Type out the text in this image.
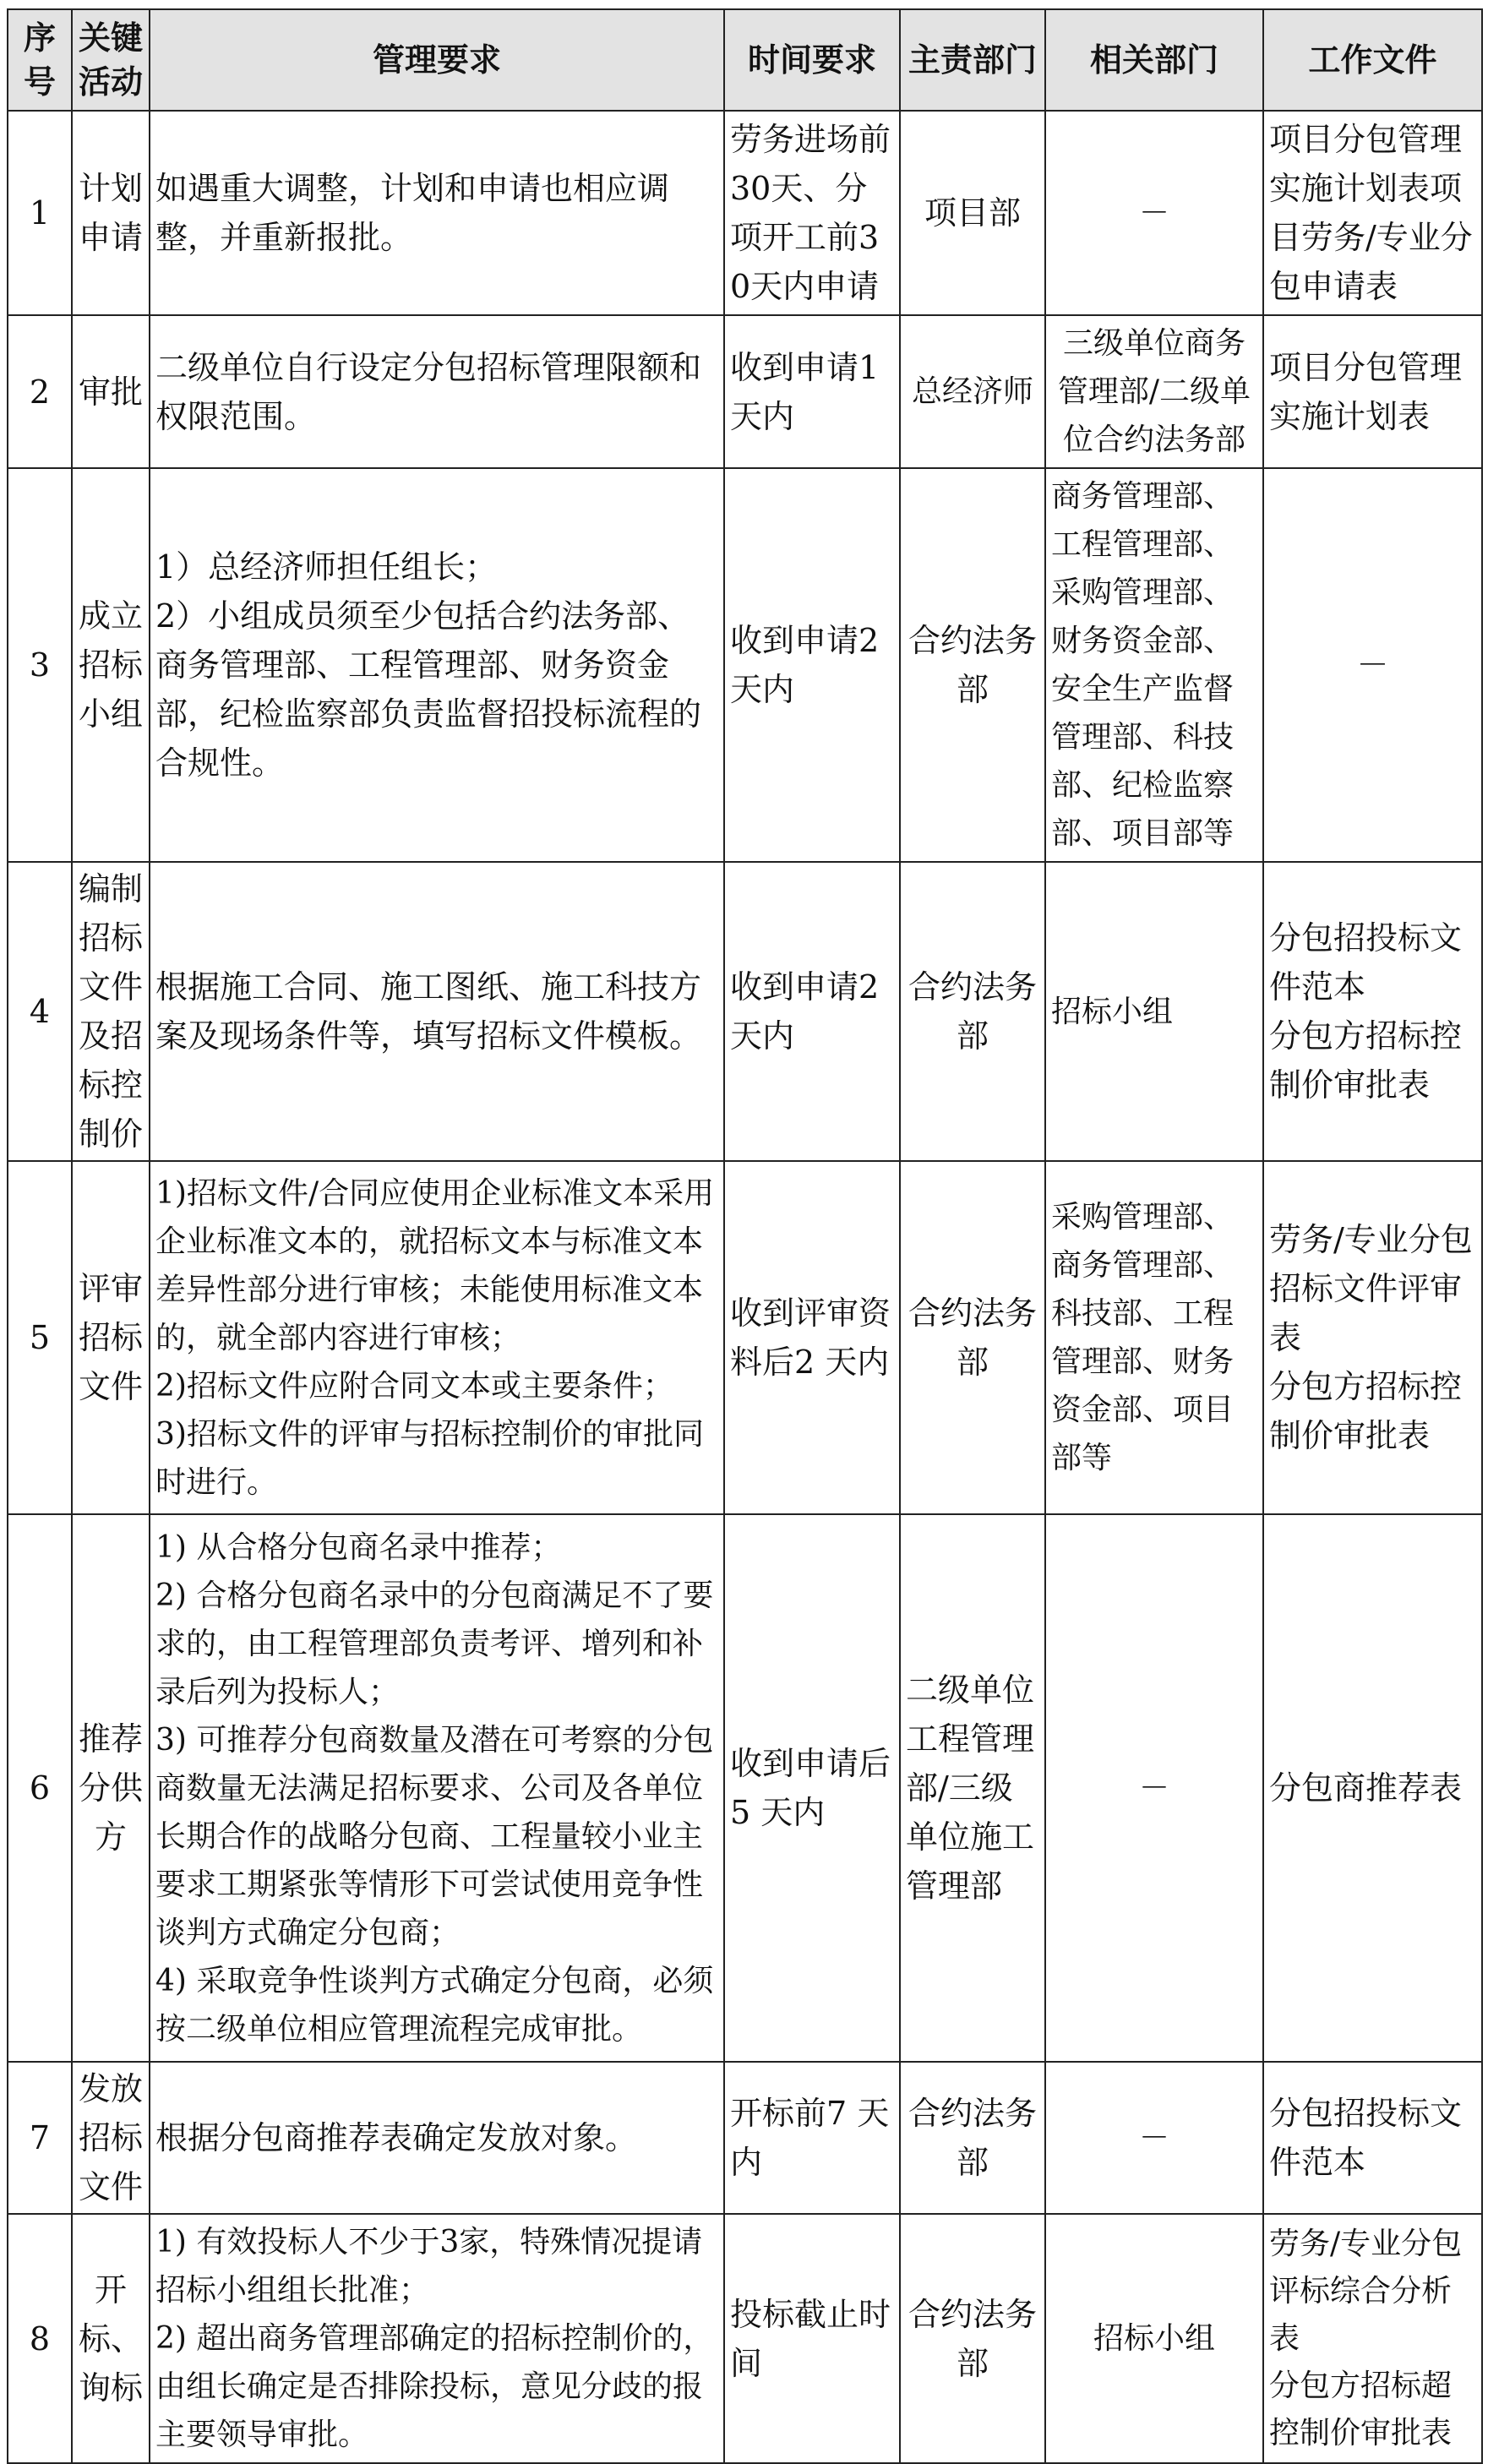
序号	关键活动	管理要求	时间要求	主责部门	相关部门	工作文件
1	计划申请	如遇重大调整，计划和申请也相应调整，并重新报批。	劳务进场前30天、分项开工前30天内申请	项目部	－	项目分包管理实施计划表项目劳务/专业分包申请表
2	审批	二级单位自行设定分包招标管理限额和权限范围。	收到申请1天内	总经济师	三级单位商务管理部/二级单位合约法务部	项目分包管理实施计划表
3	成立招标小组	1）总经济师担任组长；
2）小组成员须至少包括合约法务部、商务管理部、工程管理部、财务资金部，纪检监察部负责监督招投标流程的合规性。	收到申请2天内	合约法务部	商务管理部、工程管理部、采购管理部、财务资金部、安全生产监督管理部、科技部、纪检监察部、项目部等	－
4	编制招标文件及招标控制价	根据施工合同、施工图纸、施工科技方案及现场条件等，填写招标文件模板。	收到申请2天内	合约法务部	招标小组	分包招投标文件范本
分包方招标控制价审批表

5	评审招标文件	1)招标文件/合同应使用企业标准文本采用企业标准文本的，就招标文本与标准文本差异性部分进行审核；未能使用标准文本的，就全部内容进行审核；
2)招标文件应附合同文本或主要条件；
3)招标文件的评审与招标控制价的审批同时进行。	收到评审资料后2 天内	合约法务部	采购管理部、商务管理部、科技部、工程管理部、财务资金部、项目部等	劳务/专业分包招标文件评审表
分包方招标控制价审批表

6	推荐分供方	1) 从合格分包商名录中推荐；
2) 合格分包商名录中的分包商满足不了要求的，由工程管理部负责考评、增列和补录后列为投标人；
3) 可推荐分包商数量及潜在可考察的分包商数量无法满足招标要求、公司及各单位长期合作的战略分包商、工程量较小业主要求工期紧张等情形下可尝试使用竞争性谈判方式确定分包商；
4) 采取竞争性谈判方式确定分包商，必须按二级单位相应管理流程完成审批。	收到申请后 5 天内	二级单位工程管理部/三级单位施工管理部	－	分包商推荐表
7	发放招标文件	根据分包商推荐表确定发放对象。	开标前7 天内	合约法务部	－	分包招投标文件范本
8	开标、询标	1) 有效投标人不少于3家，特殊情况提请招标小组组长批准；
2) 超出商务管理部确定的招标控制价的，由组长确定是否排除投标，意见分歧的报主要领导审批。	投标截止时间	合约法务部	招标小组	劳务/专业分包评标综合分析表
分包方招标超控制价审批表
